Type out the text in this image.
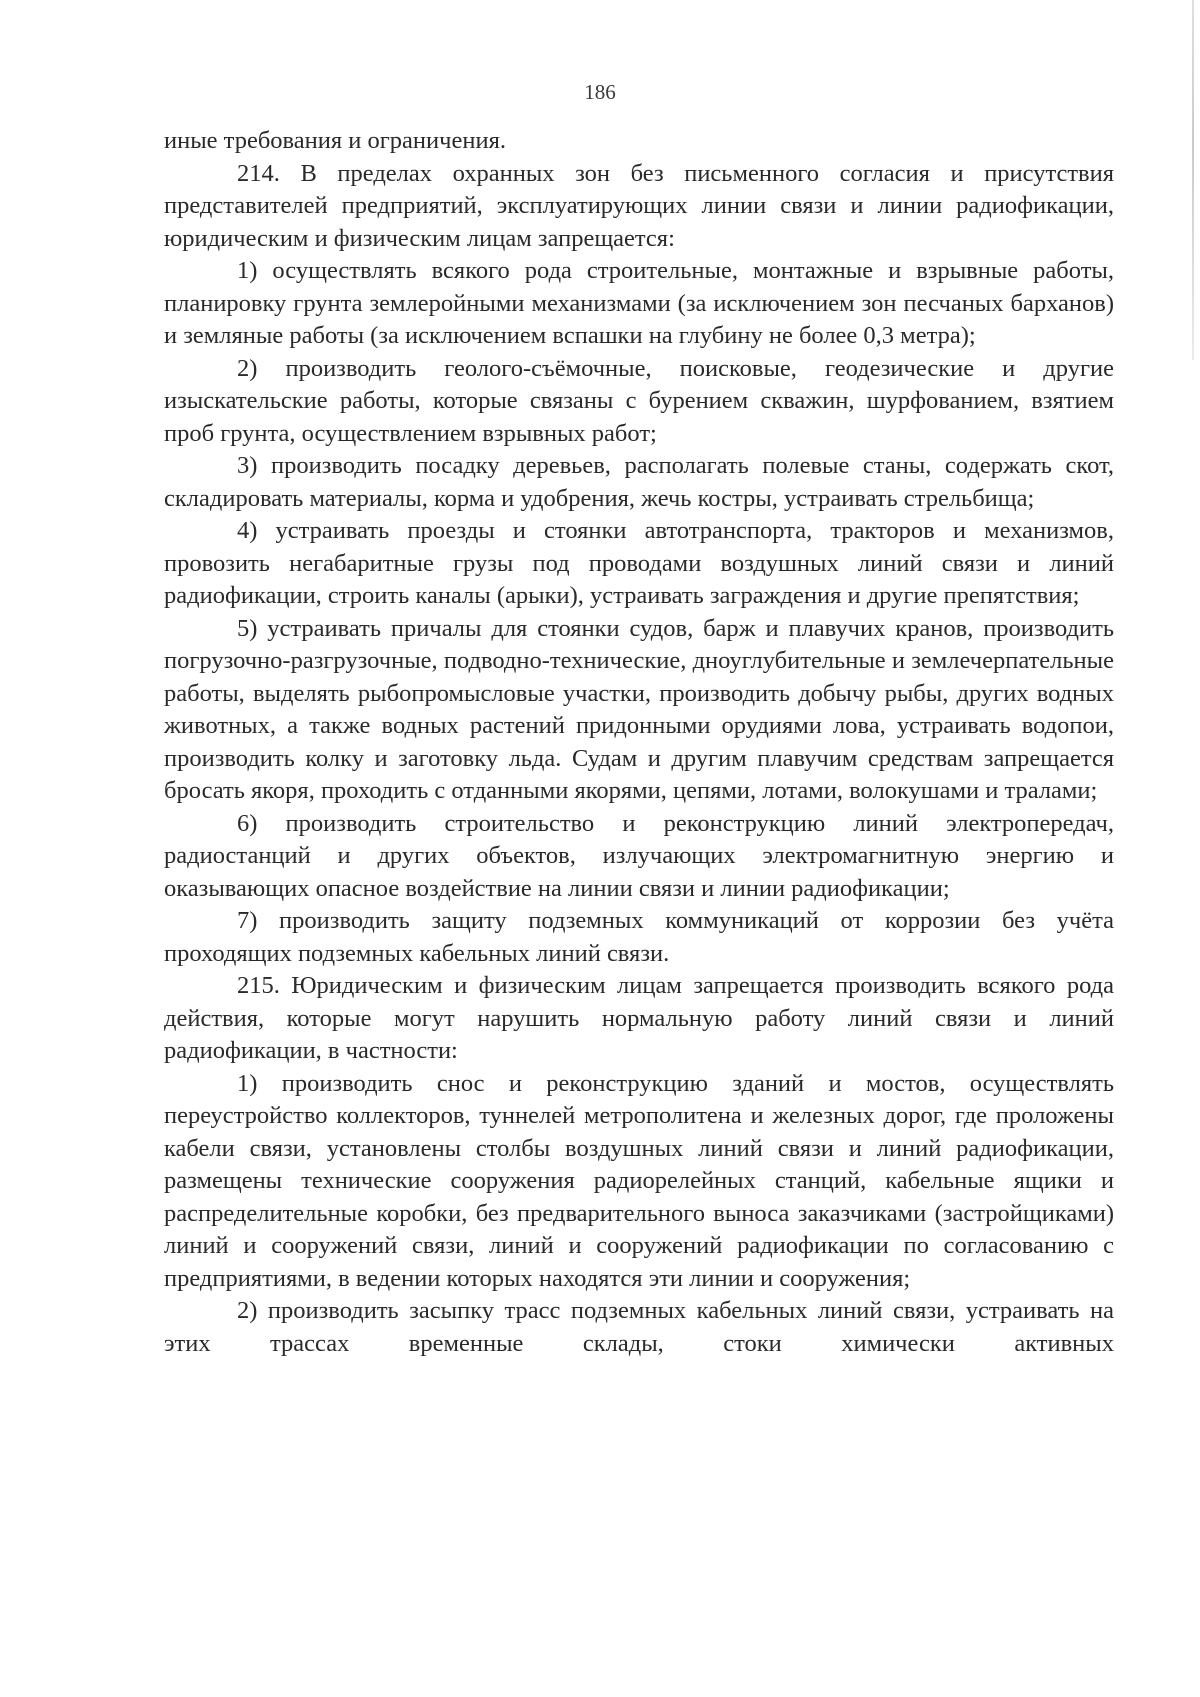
186

иные требования и ограничения.

214. В пределах охранных зон без письменного согласия и присутствия представителей предприятий, эксплуатирующих линии связи и линии радиофикации, юридическим и физическим лицам запрещается:

1) осуществлять всякого рода строительные, монтажные и взрывные работы, планировку грунта землеройными механизмами (за исключением зон песчаных барханов) и земляные работы (за исключением вспашки на глубину не более 0,3 метра);

2) производить геолого-съёмочные, поисковые, геодезические и другие изыскательские работы, которые связаны с бурением скважин, шурфованием, взятием проб грунта, осуществлением взрывных работ;

3) производить посадку деревьев, располагать полевые станы, содержать скот, складировать материалы, корма и удобрения, жечь костры, устраивать стрельбища;

4) устраивать проезды и стоянки автотранспорта, тракторов и механизмов, провозить негабаритные грузы под проводами воздушных линий связи и линий радиофикации, строить каналы (арыки), устраивать заграждения и другие препятствия;

5) устраивать причалы для стоянки судов, барж и плавучих кранов, производить погрузочно-разгрузочные, подводно-технические, дноуглубительные и землечерпательные работы, выделять рыбопромысловые участки, производить добычу рыбы, других водных животных, а также водных растений придонными орудиями лова, устраивать водопои, производить колку и заготовку льда. Судам и другим плавучим средствам запрещается бросать якоря, проходить с отданными якорями, цепями, лотами, волокушами и тралами;

6) производить строительство и реконструкцию линий электропередач, радиостанций и других объектов, излучающих электромагнитную энергию и оказывающих опасное воздействие на линии связи и линии радиофикации;

7) производить защиту подземных коммуникаций от коррозии без учёта проходящих подземных кабельных линий связи.

215. Юридическим и физическим лицам запрещается производить всякого рода действия, которые могут нарушить нормальную работу линий связи и линий радиофикации, в частности:

1) производить снос и реконструкцию зданий и мостов, осуществлять переустройство коллекторов, туннелей метрополитена и железных дорог, где проложены кабели связи, установлены столбы воздушных линий связи и линий радиофикации, размещены технические сооружения радиорелейных станций, кабельные ящики и распределительные коробки, без предварительного выноса заказчиками (застройщиками) линий и сооружений связи, линий и сооружений радиофикации по согласованию с предприятиями, в ведении которых находятся эти линии и сооружения;

2) производить засыпку трасс подземных кабельных линий связи, устраивать на этих трассах временные склады, стоки химически активных
